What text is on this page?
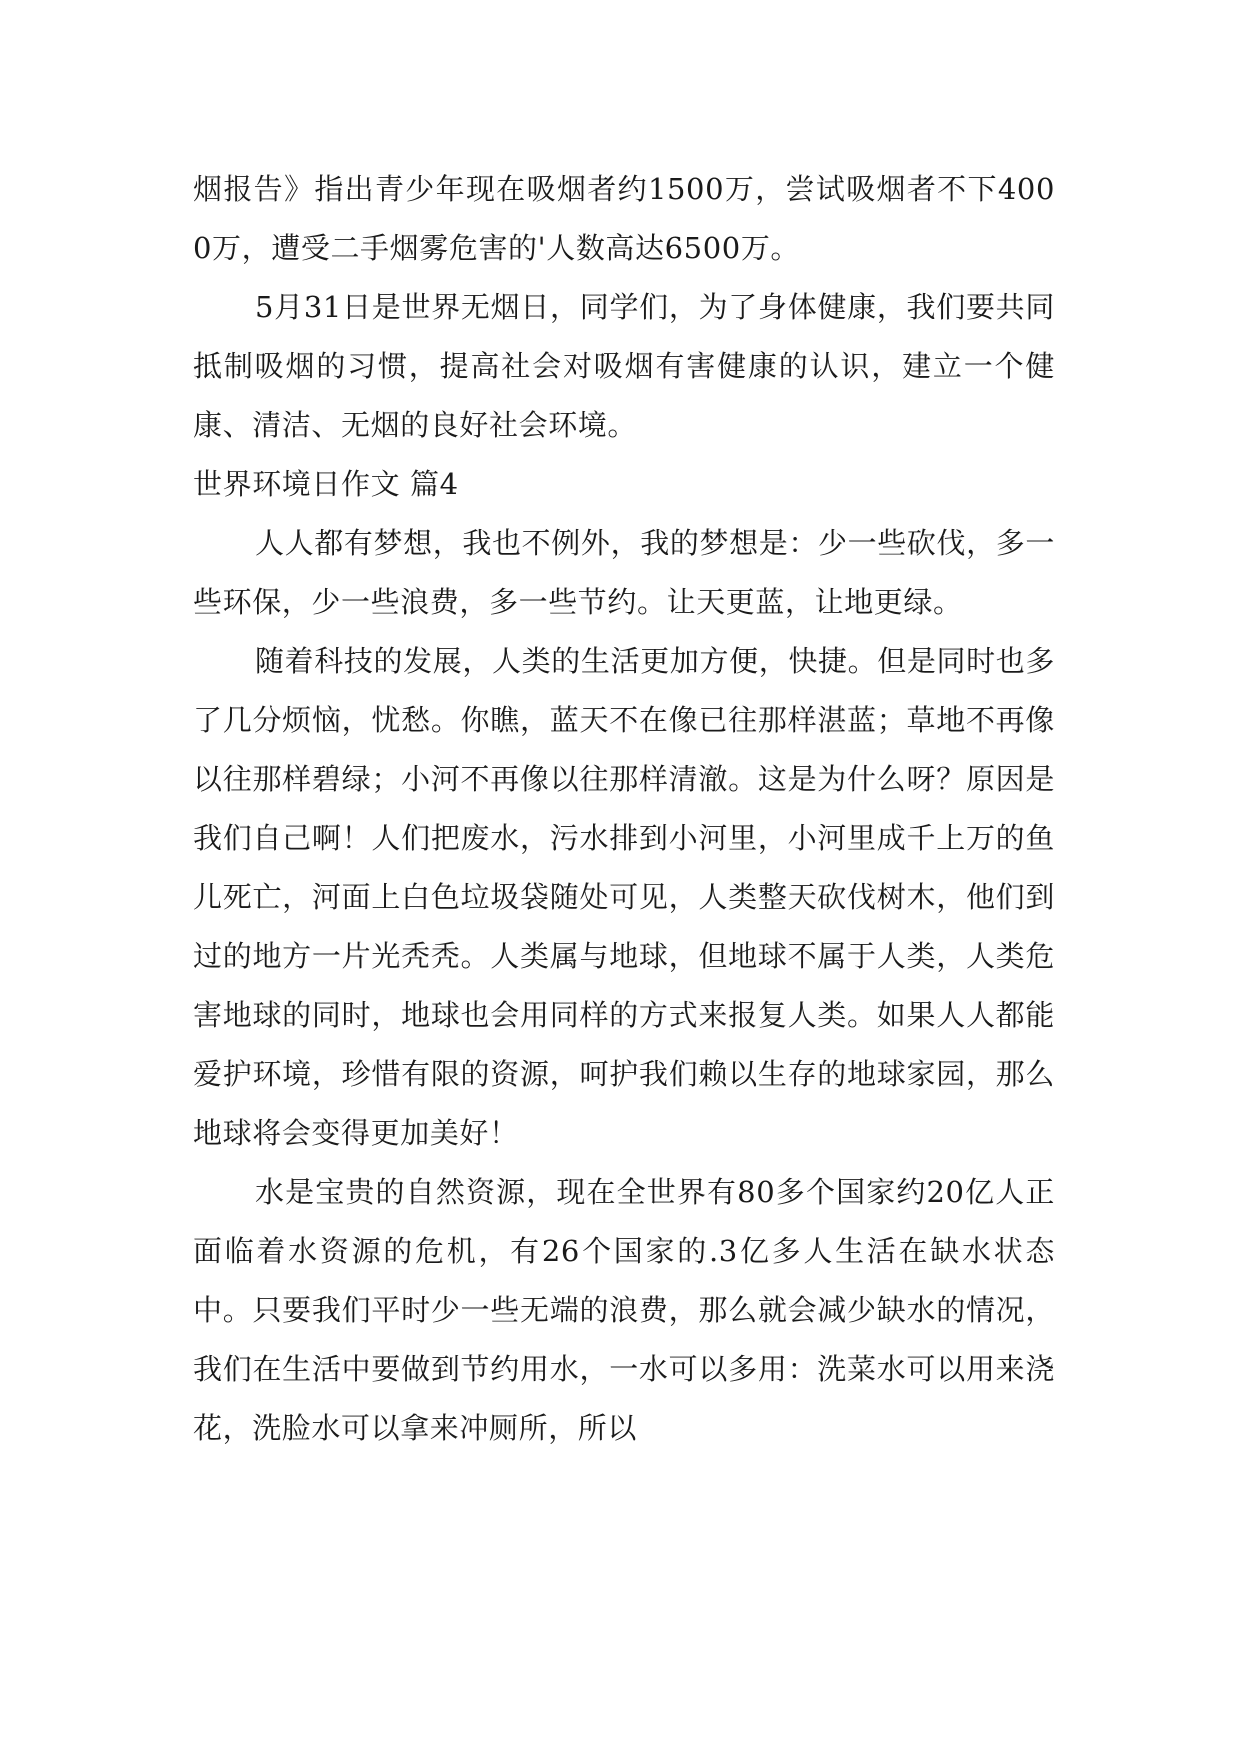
烟报告》指出青少年现在吸烟者约1500万，尝试吸烟者不下4000万，遭受二手烟雾危害的'人数高达6500万。

5月31日是世界无烟日，同学们，为了身体健康，我们要共同抵制吸烟的习惯，提高社会对吸烟有害健康的认识，建立一个健康、清洁、无烟的良好社会环境。

世界环境日作文 篇4

人人都有梦想，我也不例外，我的梦想是：少一些砍伐，多一些环保，少一些浪费，多一些节约。让天更蓝，让地更绿。

随着科技的发展，人类的生活更加方便，快捷。但是同时也多了几分烦恼，忧愁。你瞧，蓝天不在像已往那样湛蓝；草地不再像以往那样碧绿；小河不再像以往那样清澈。这是为什么呀？原因是我们自己啊！人们把废水，污水排到小河里，小河里成千上万的鱼儿死亡，河面上白色垃圾袋随处可见，人类整天砍伐树木，他们到过的地方一片光秃秃。人类属与地球，但地球不属于人类，人类危害地球的同时，地球也会用同样的方式来报复人类。如果人人都能爱护环境，珍惜有限的资源，呵护我们赖以生存的地球家园，那么地球将会变得更加美好！

水是宝贵的自然资源，现在全世界有80多个国家约20亿人正面临着水资源的危机，有26个国家的.3亿多人生活在缺水状态中。只要我们平时少一些无端的浪费，那么就会减少缺水的情况，我们在生活中要做到节约用水，一水可以多用：洗菜水可以用来浇花，洗脸水可以拿来冲厕所，所以
